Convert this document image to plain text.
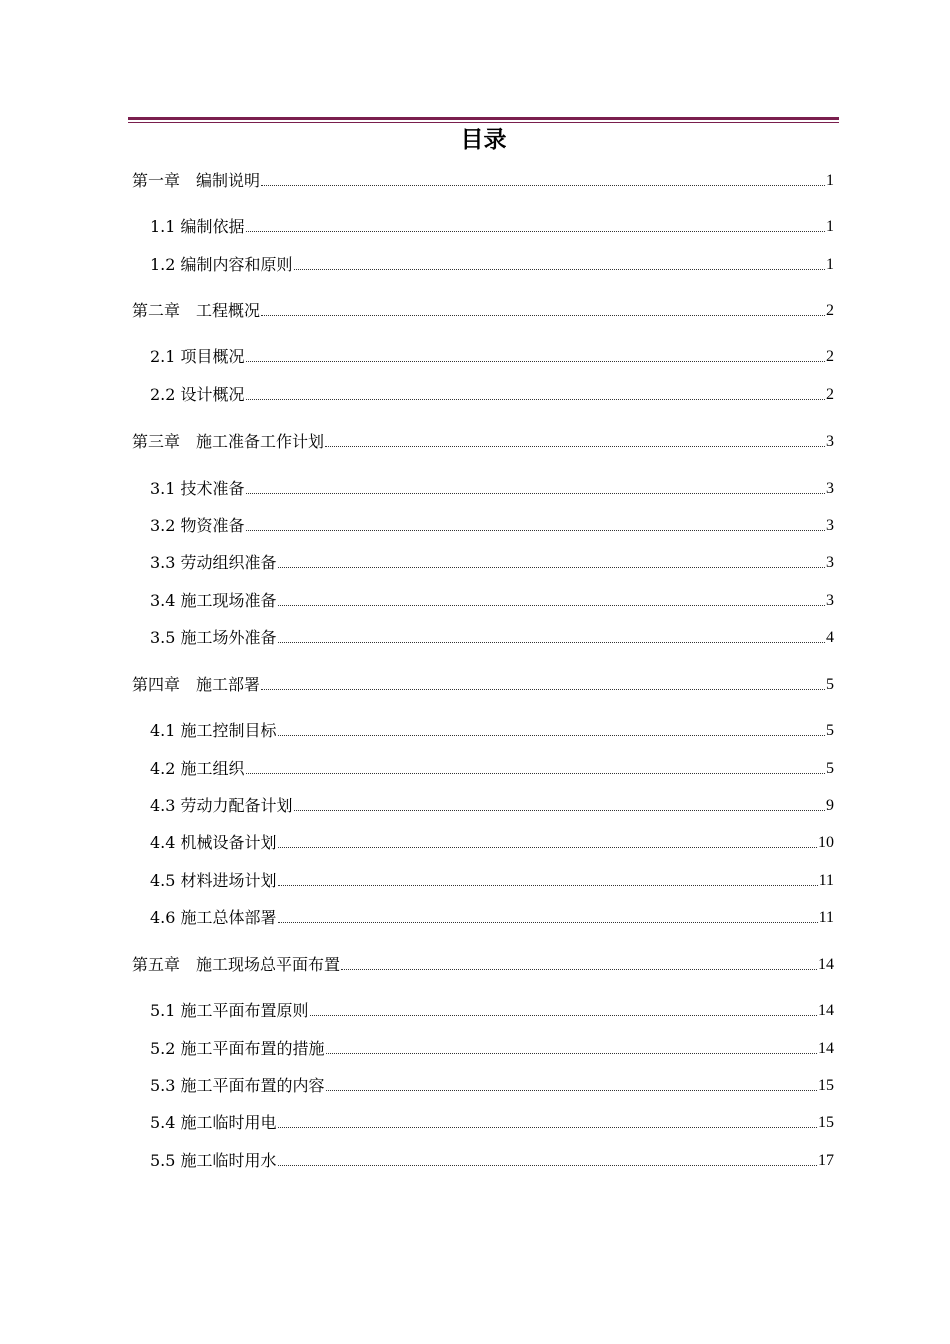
目录
第一章　编制说明	1
1.1 编制依据	1
1.2 编制内容和原则	1
第二章　工程概况	2
2.1 项目概况	2
2.2 设计概况	2
第三章　施工准备工作计划	3
3.1 技术准备	3
3.2 物资准备	3
3.3 劳动组织准备	3
3.4 施工现场准备	3
3.5 施工场外准备	4
第四章　施工部署	5
4.1 施工控制目标	5
4.2 施工组织	5
4.3 劳动力配备计划	9
4.4 机械设备计划	10
4.5 材料进场计划	11
4.6 施工总体部署	11
第五章　施工现场总平面布置	14
5.1 施工平面布置原则	14
5.2 施工平面布置的措施	14
5.3 施工平面布置的内容	15
5.4 施工临时用电	15
5.5 施工临时用水	17
